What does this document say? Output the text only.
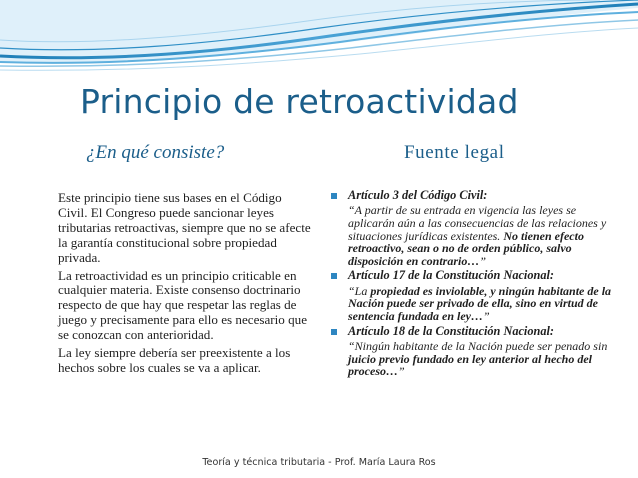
Principio de retroactividad
¿En qué consiste?	Fuente legal

Este principio tiene sus bases en el Código Civil. El Congreso puede sancionar leyes tributarias retroactivas, siempre que no se afecte la garantía constitucional sobre propiedad privada.

La retroactividad es un principio criticable en cualquier materia. Existe consenso doctrinario respecto de que hay que respetar las reglas de juego y precisamente para ello es necesario que se conozcan con anterioridad.

La ley siempre debería ser preexistente a los hechos sobre los cuales se va a aplicar.

Artículo 3 del Código Civil:
“A partir de su entrada en vigencia las leyes se aplicarán aún a las consecuencias de las relaciones y situaciones jurídicas existentes. No tienen efecto retroactivo, sean o no de orden público, salvo disposición en contrario…”
Artículo 17 de la Constitución Nacional:
“La propiedad es inviolable, y ningún habitante de la Nación puede ser privado de ella, sino en virtud de sentencia fundada en ley…”
Artículo 18 de la Constitución Nacional:
“Ningún habitante de la Nación puede ser penado sin juicio previo fundado en ley anterior al hecho del proceso…”
Teoría y técnica tributaria - Prof. María Laura Ros
